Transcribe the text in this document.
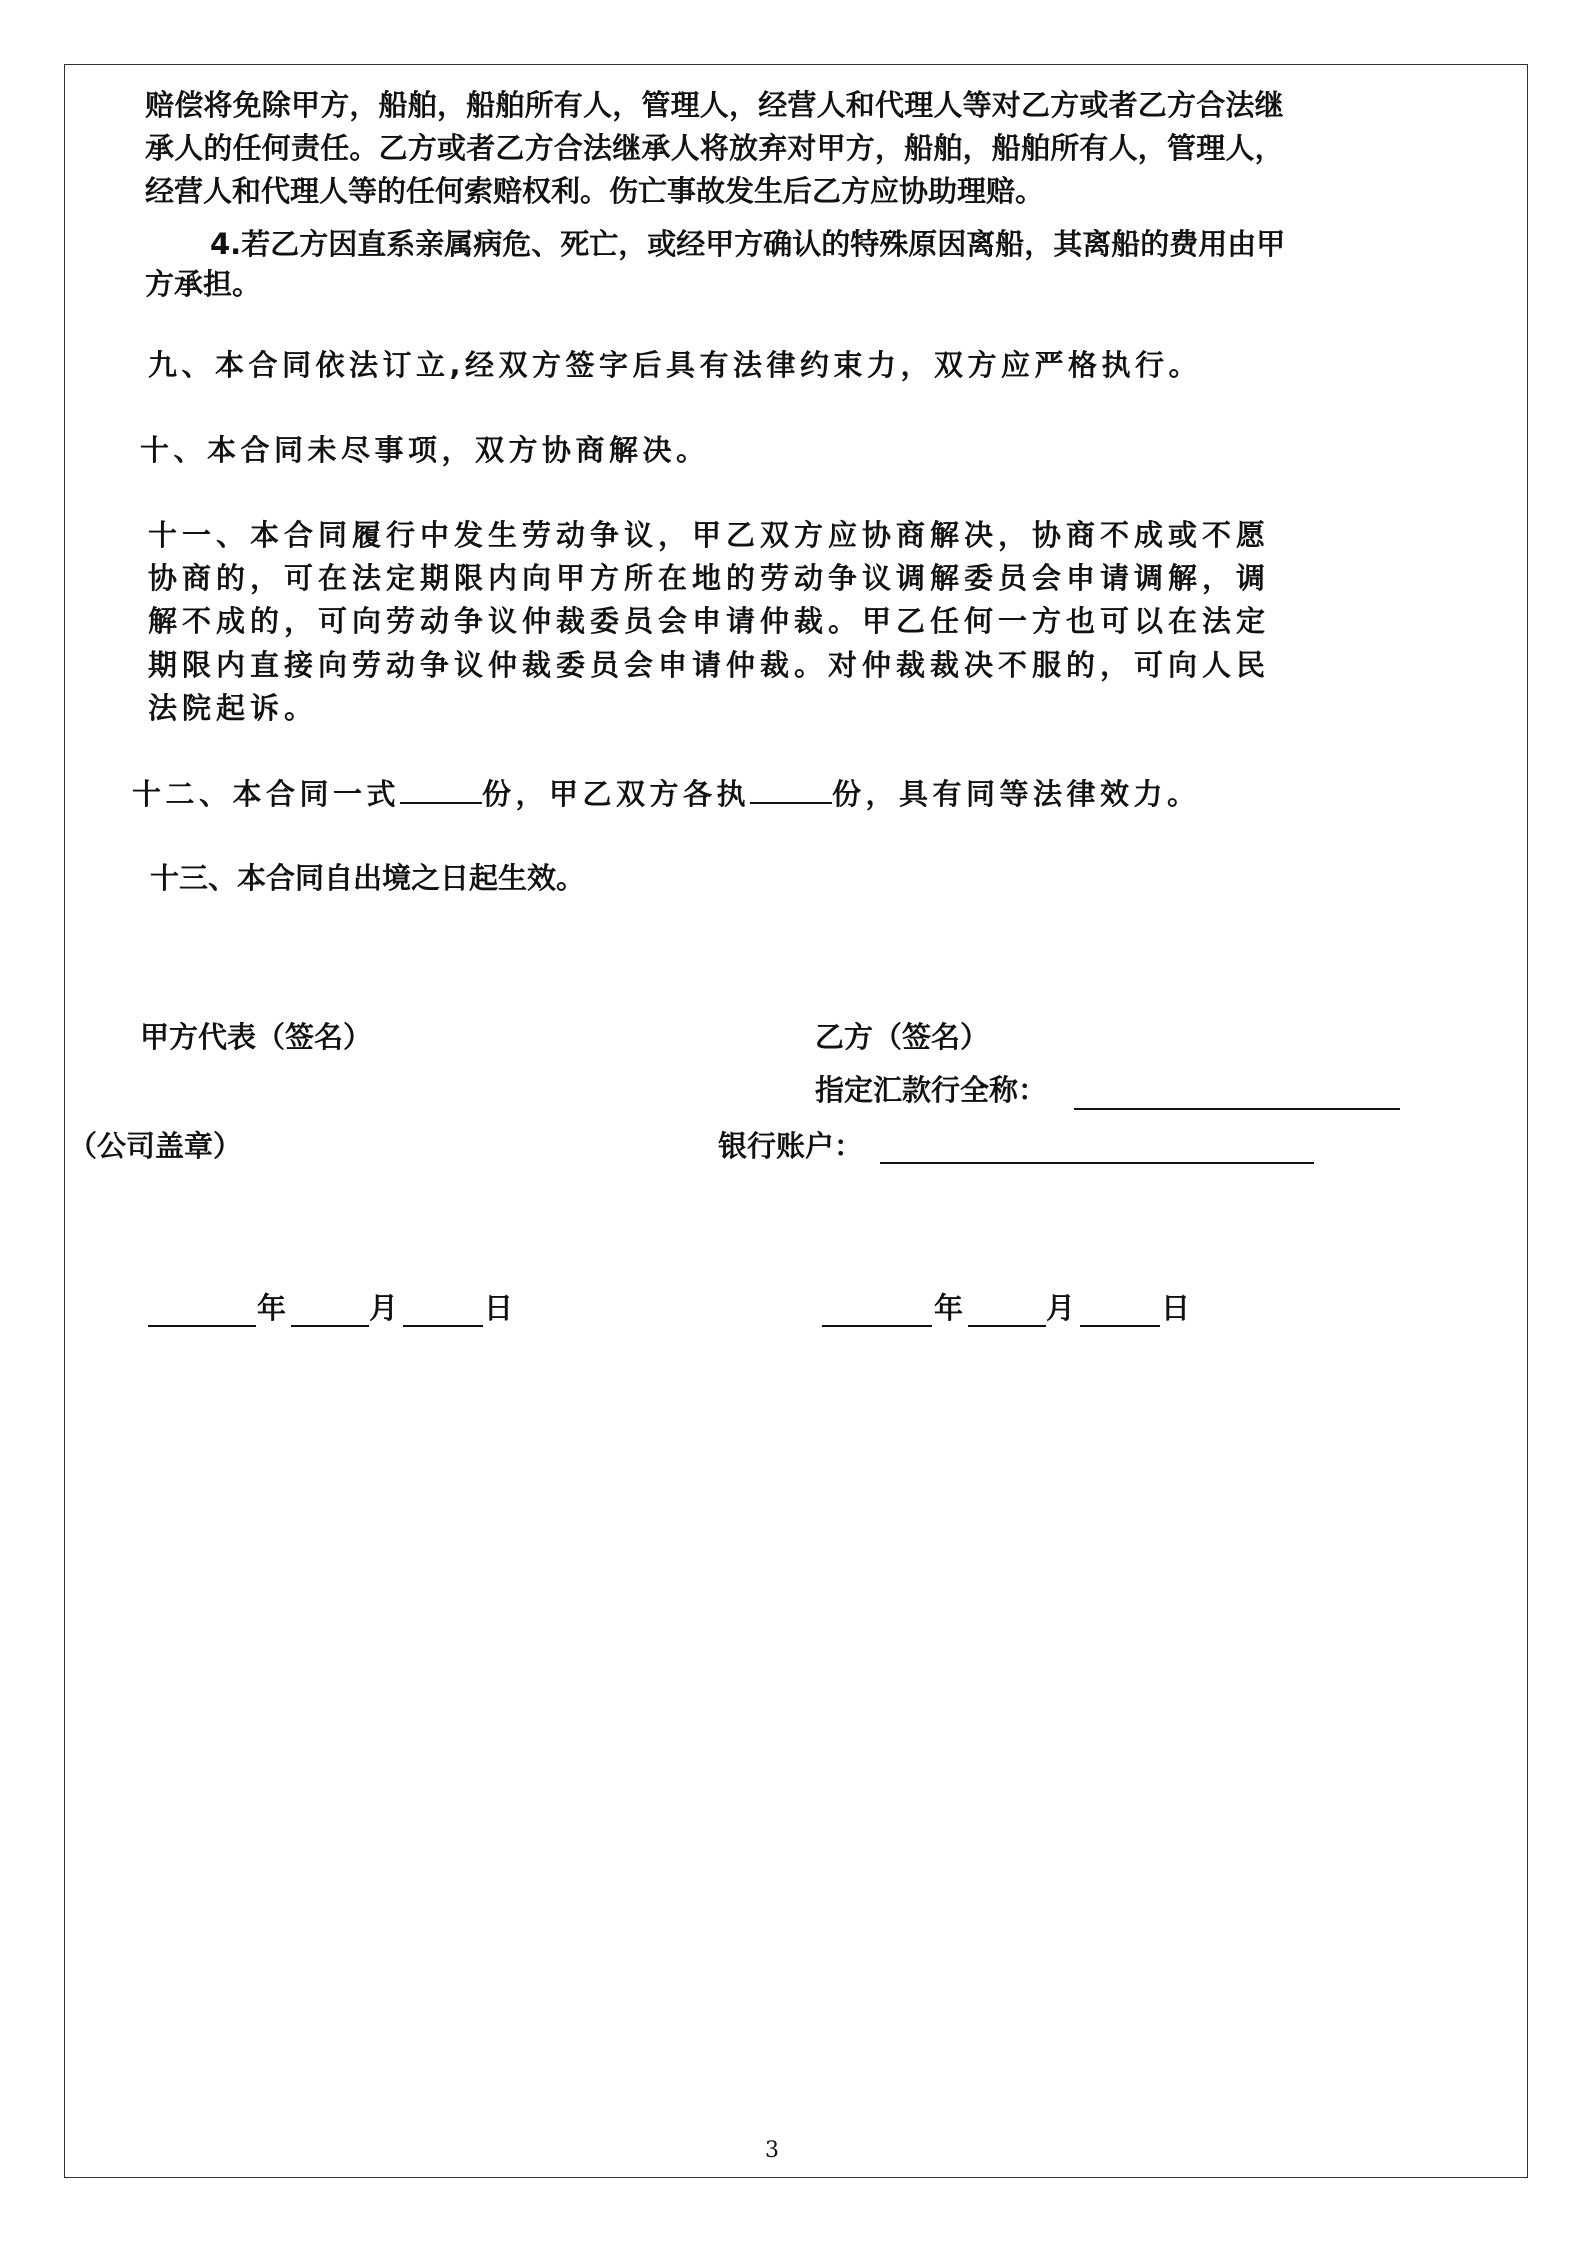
赔偿将免除甲方，船舶，船舶所有人，管理人，经营人和代理人等对乙方或者乙方合法继
承人的任何责任。乙方或者乙方合法继承人将放弃对甲方，船舶，船舶所有人，管理人，
经营人和代理人等的任何索赔权利。伤亡事故发生后乙方应协助理赔。
4.若乙方因直系亲属病危、死亡，或经甲方确认的特殊原因离船，其离船的费用由甲
方承担。
九、本合同依法订立,经双方签字后具有法律约束力，双方应严格执行。
十、本合同未尽事项，双方协商解决。
十一、本合同履行中发生劳动争议，甲乙双方应协商解决，协商不成或不愿
协商的，可在法定期限内向甲方所在地的劳动争议调解委员会申请调解，调
解不成的，可向劳动争议仲裁委员会申请仲裁。甲乙任何一方也可以在法定
期限内直接向劳动争议仲裁委员会申请仲裁。对仲裁裁决不服的，可向人民
法院起诉。
十二、本合同一式	份，甲乙双方各执	份，具有同等法律效力。
十三、本合同自出境之日起生效。
甲方代表（签名）
（公司盖章）
乙方（签名）
指定汇款行全称：
银行账户：
年	月	日	年	月	日
3
